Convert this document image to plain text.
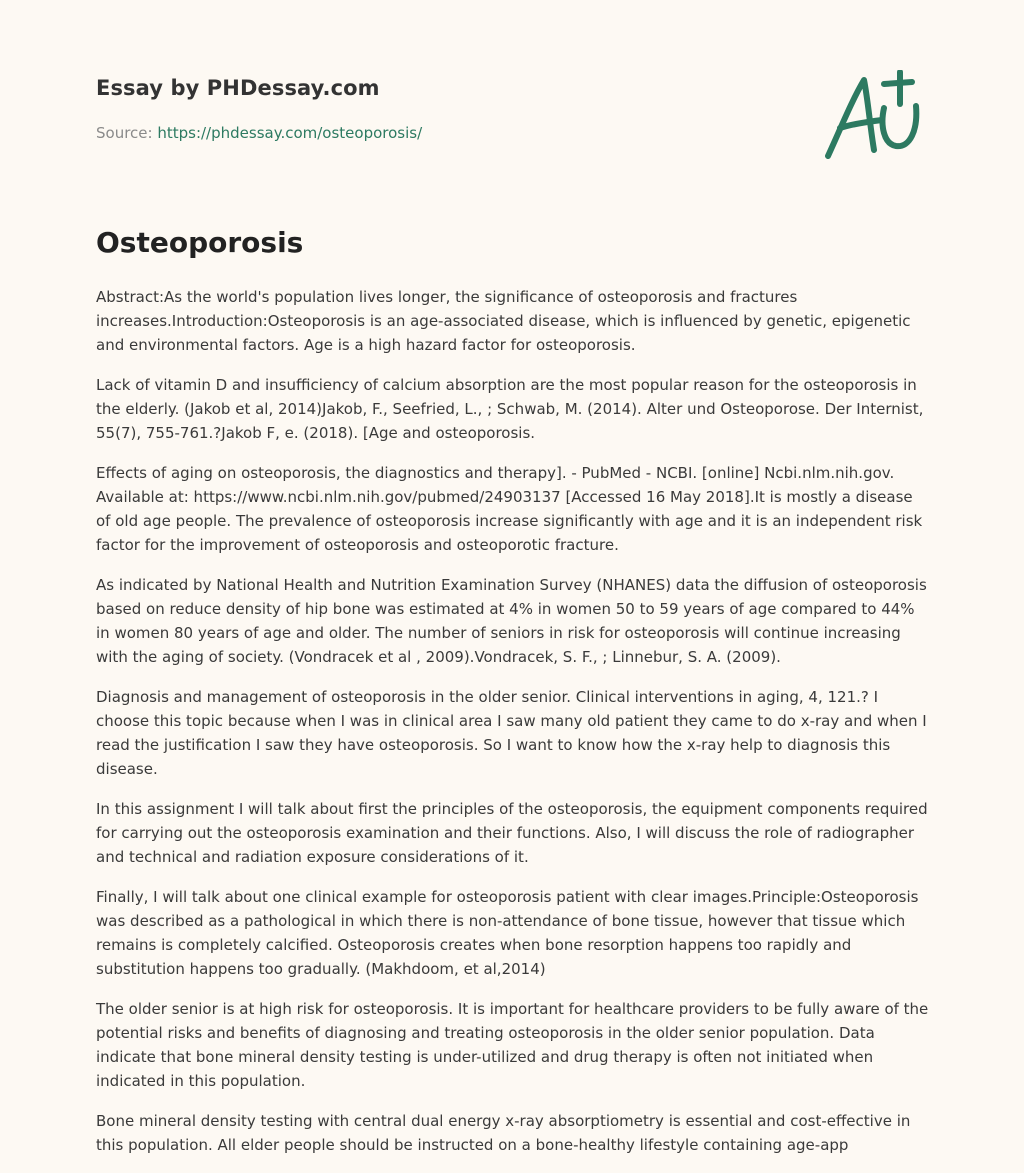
Essay by PHDessay.com
Source: https://phdessay.com/osteoporosis/
Osteoporosis

Abstract:As the world's population lives longer, the significance of osteoporosis and fractures increases.Introduction:Osteoporosis is an age-associated disease, which is influenced by genetic, epigenetic and environmental factors. Age is a high hazard factor for osteoporosis.

Lack of vitamin D and insufficiency of calcium absorption are the most popular reason for the osteoporosis in the elderly. (Jakob et al, 2014)Jakob, F., Seefried, L., ; Schwab, M. (2014). Alter und Osteoporose. Der Internist, 55(7), 755-761.?Jakob F, e. (2018). [Age and osteoporosis.

Effects of aging on osteoporosis, the diagnostics and therapy]. - PubMed - NCBI. [online] Ncbi.nlm.nih.gov. Available at: https://www.ncbi.nlm.nih.gov/pubmed/24903137 [Accessed 16 May 2018].It is mostly a disease of old age people. The prevalence of osteoporosis increase significantly with age and it is an independent risk factor for the improvement of osteoporosis and osteoporotic fracture.

As indicated by National Health and Nutrition Examination Survey (NHANES) data the diffusion of osteoporosis based on reduce density of hip bone was estimated at 4% in women 50 to 59 years of age compared to 44% in women 80 years of age and older. The number of seniors in risk for osteoporosis will continue increasing with the aging of society. (Vondracek et al , 2009).Vondracek, S. F., ; Linnebur, S. A. (2009).

Diagnosis and management of osteoporosis in the older senior. Clinical interventions in aging, 4, 121.? I choose this topic because when I was in clinical area I saw many old patient they came to do x-ray and when I read the justification I saw they have osteoporosis. So I want to know how the x-ray help to diagnosis this disease.

In this assignment I will talk about first the principles of the osteoporosis, the equipment components required for carrying out the osteoporosis examination and their functions. Also, I will discuss the role of radiographer and technical and radiation exposure considerations of it.

Finally, I will talk about one clinical example for osteoporosis patient with clear images.Principle:Osteoporosis was described as a pathological in which there is non-attendance of bone tissue, however that tissue which remains is completely calcified. Osteoporosis creates when bone resorption happens too rapidly and substitution happens too gradually. (Makhdoom, et al,2014)

The older senior is at high risk for osteoporosis. It is important for healthcare providers to be fully aware of the potential risks and benefits of diagnosing and treating osteoporosis in the older senior population. Data indicate that bone mineral density testing is under-utilized and drug therapy is often not initiated when indicated in this population.

Bone mineral density testing with central dual energy x-ray absorptiometry is essential and cost-effective in this population. All elder people should be instructed on a bone-healthy lifestyle containing age-app
